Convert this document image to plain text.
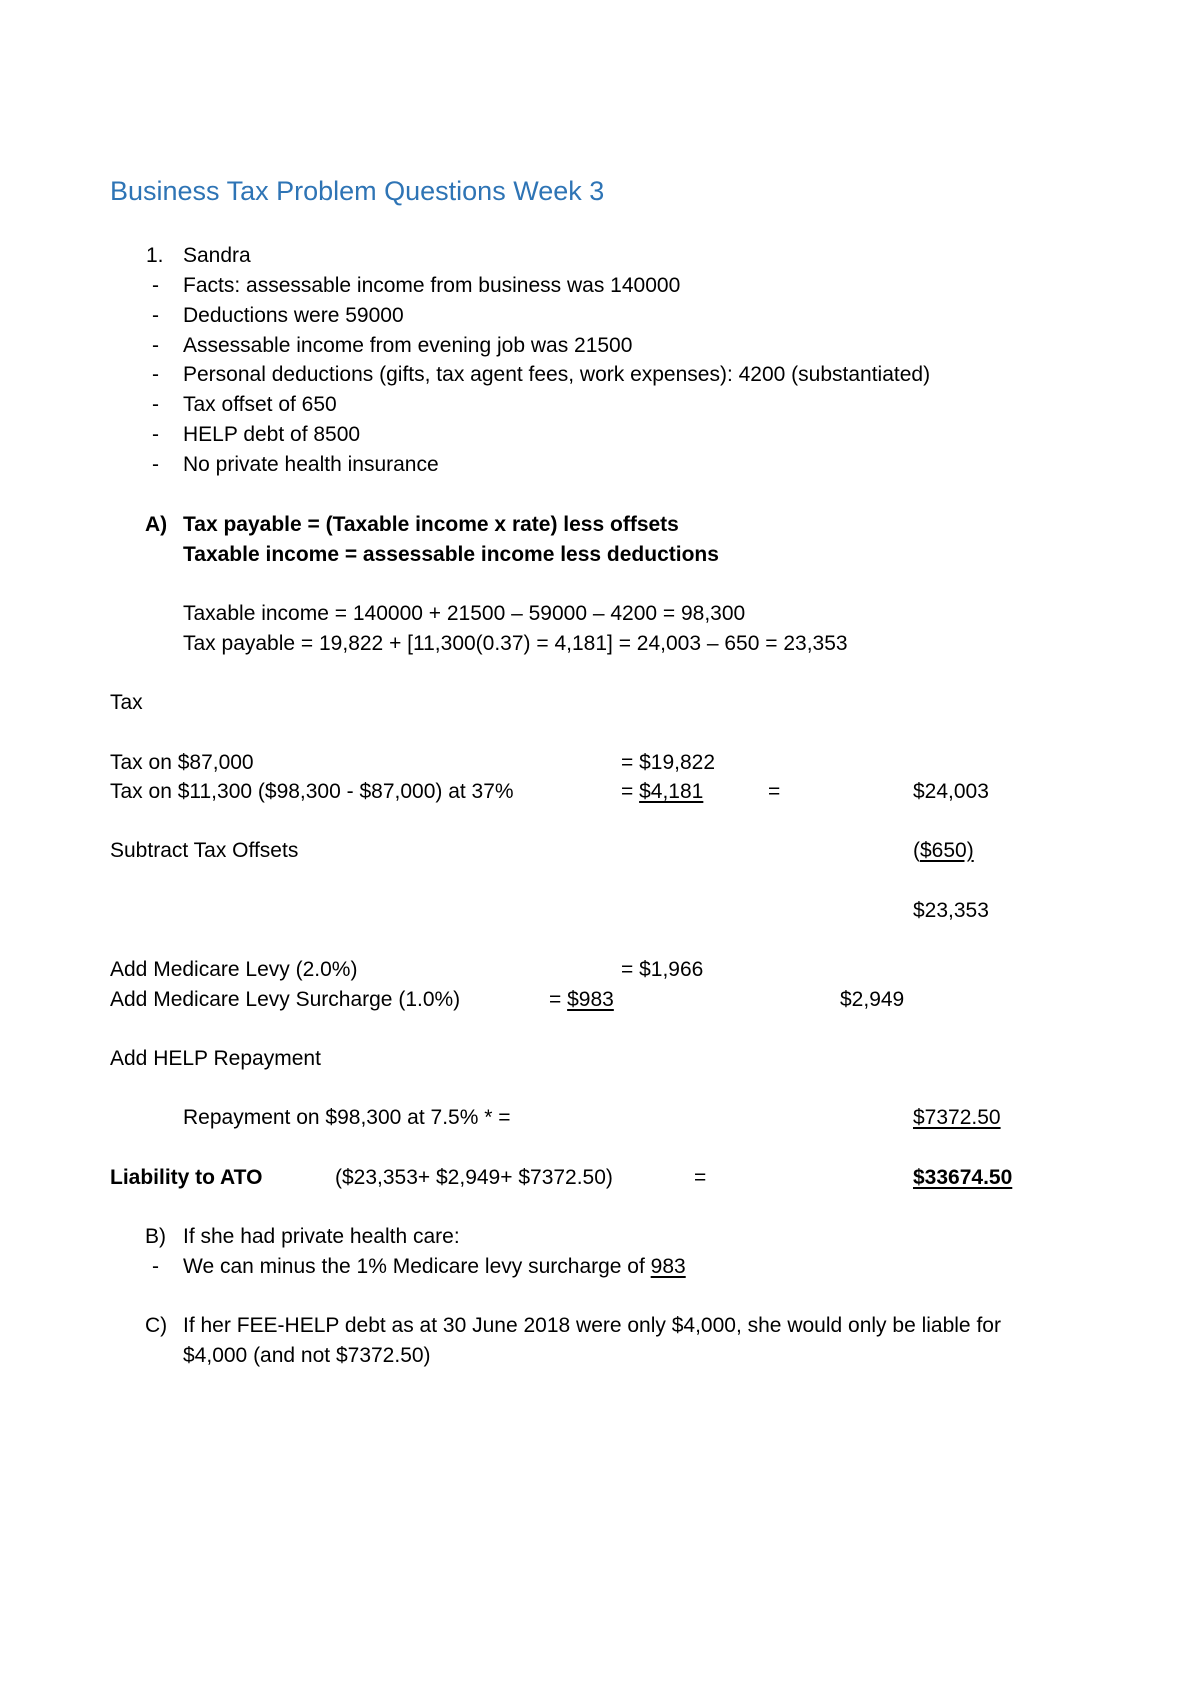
Business Tax Problem Questions Week 3
1. Sandra
- Facts: assessable income from business was 140000
- Deductions were 59000
- Assessable income from evening job was 21500
- Personal deductions (gifts, tax agent fees, work expenses): 4200 (substantiated)
- Tax offset of 650
- HELP debt of 8500
- No private health insurance
A) Tax payable = (Taxable income x rate) less offsets
Taxable income = assessable income less deductions
Taxable income = 140000 + 21500 – 59000 – 4200 = 98,300
Tax payable = 19,822 + [11,300(0.37) = 4,181] = 24,003 – 650 = 23,353
Tax
Tax on $87,000	= $19,822
Tax on $11,300 ($98,300 - $87,000) at 37%	= $4,181	=	$24,003
Subtract Tax Offsets	($650)
$23,353
Add Medicare Levy (2.0%)	= $1,966
Add Medicare Levy Surcharge (1.0%)	= $983	$2,949
Add HELP Repayment
Repayment on $98,300 at 7.5% * =	$7372.50
Liability to ATO	($23,353+ $2,949+ $7372.50)	=	$33674.50
B) If she had private health care:
- We can minus the 1% Medicare levy surcharge of 983
C) If her FEE-HELP debt as at 30 June 2018 were only $4,000, she would only be liable for
$4,000 (and not $7372.50)
